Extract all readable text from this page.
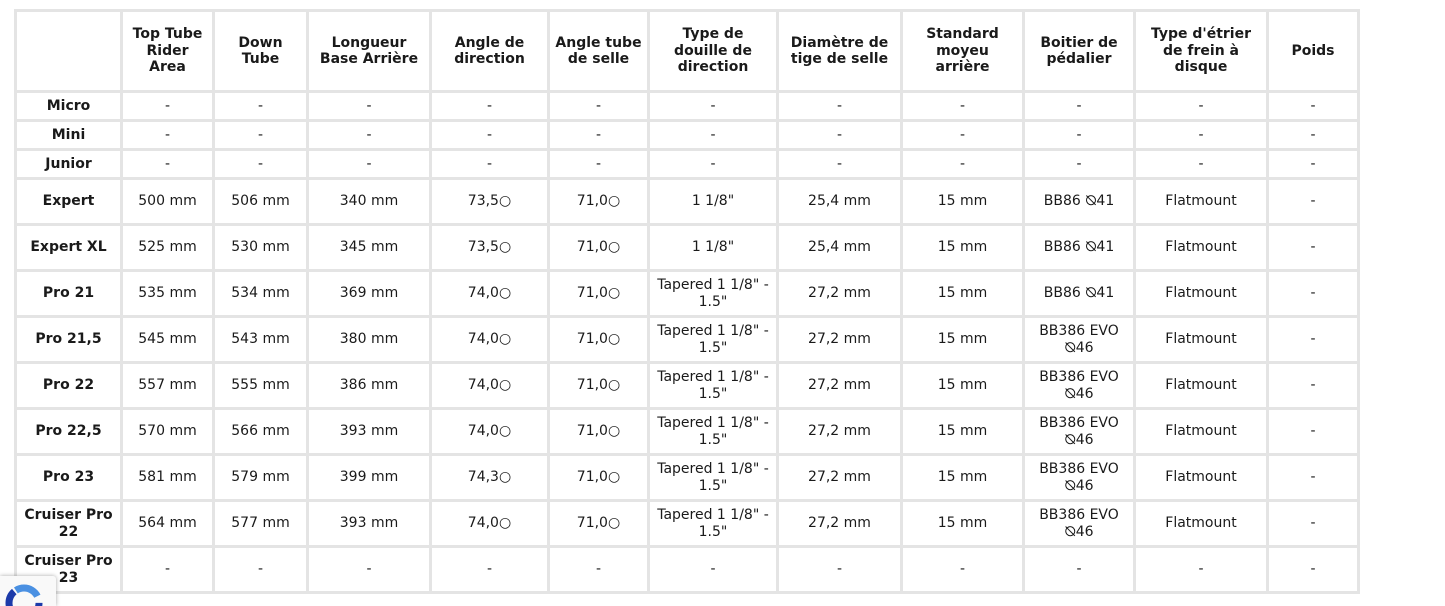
	Top Tube Rider Area	Down Tube	Longueur Base Arrière	Angle de direction	Angle tube de selle	Type de douille de direction	Diamètre de tige de selle	Standard moyeu arrière	Boitier de pédalier	Type d'étrier de frein à disque	Poids
Micro	-	-	-	-	-	-	-	-	-	-	-
Mini	-	-	-	-	-	-	-	-	-	-	-
Junior	-	-	-	-	-	-	-	-	-	-	-
Expert	500 mm	506 mm	340 mm	73,5○	71,0○	1 1/8"	25,4 mm	15 mm	BB86 ⦰41	Flatmount	-
Expert XL	525 mm	530 mm	345 mm	73,5○	71,0○	1 1/8"	25,4 mm	15 mm	BB86 ⦰41	Flatmount	-
Pro 21	535 mm	534 mm	369 mm	74,0○	71,0○	Tapered 1 1/8" - 1.5"	27,2 mm	15 mm	BB86 ⦰41	Flatmount	-
Pro 21,5	545 mm	543 mm	380 mm	74,0○	71,0○	Tapered 1 1/8" - 1.5"	27,2 mm	15 mm	BB386 EVO ⦰46	Flatmount	-
Pro 22	557 mm	555 mm	386 mm	74,0○	71,0○	Tapered 1 1/8" - 1.5"	27,2 mm	15 mm	BB386 EVO ⦰46	Flatmount	-
Pro 22,5	570 mm	566 mm	393 mm	74,0○	71,0○	Tapered 1 1/8" - 1.5"	27,2 mm	15 mm	BB386 EVO ⦰46	Flatmount	-
Pro 23	581 mm	579 mm	399 mm	74,3○	71,0○	Tapered 1 1/8" - 1.5"	27,2 mm	15 mm	BB386 EVO ⦰46	Flatmount	-
Cruiser Pro 22	564 mm	577 mm	393 mm	74,0○	71,0○	Tapered 1 1/8" - 1.5"	27,2 mm	15 mm	BB386 EVO ⦰46	Flatmount	-
Cruiser Pro 23	-	-	-	-	-	-	-	-	-	-	-
